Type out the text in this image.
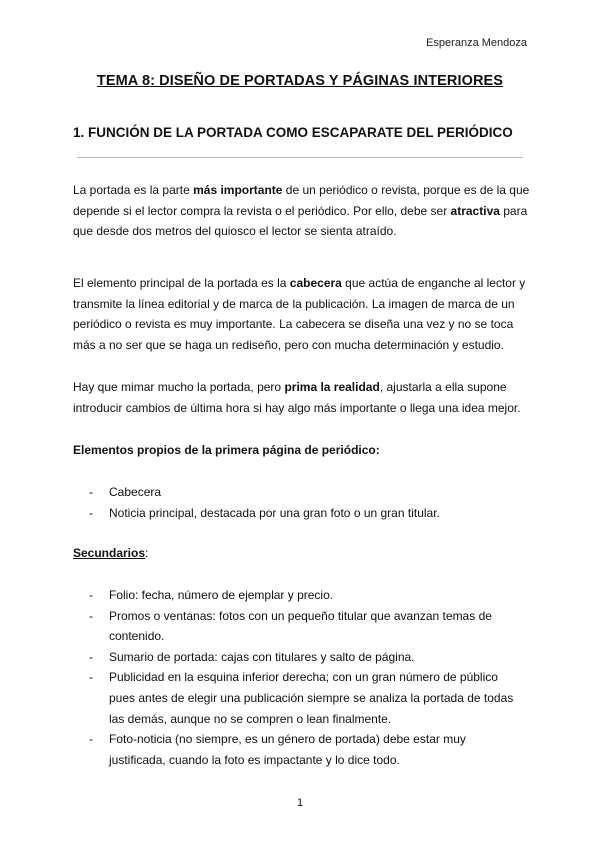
Esperanza Mendoza
TEMA 8: DISEÑO DE PORTADAS Y PÁGINAS INTERIORES
1. FUNCIÓN DE LA PORTADA COMO ESCAPARATE DEL PERIÓDICO

La portada es la parte más importante de un periódico o revista, porque es de la que depende si el lector compra la revista o el periódico. Por ello, debe ser atractiva para que desde dos metros del quiosco el lector se sienta atraído.

El elemento principal de la portada es la cabecera que actúa de enganche al lector y transmite la línea editorial y de marca de la publicación. La imagen de marca de un periódico o revista es muy importante. La cabecera se diseña una vez y no se toca más a no ser que se haga un rediseño, pero con mucha determinación y estudio.

Hay que mimar mucho la portada, pero prima la realidad, ajustarla a ella supone introducir cambios de última hora si hay algo más importante o llega una idea mejor.

Elementos propios de la primera página de periódico:
- Cabecera
- Noticia principal, destacada por una gran foto o un gran titular.
Secundarios:
- Folio: fecha, número de ejemplar y precio.
- Promos o ventanas: fotos con un pequeño titular que avanzan temas de contenido.
- Sumario de portada: cajas con titulares y salto de página.
- Publicidad en la esquina inferior derecha; con un gran número de público pues antes de elegir una publicación siempre se analiza la portada de todas las demás, aunque no se compren o lean finalmente.
- Foto-noticia (no siempre, es un género de portada) debe estar muy justificada, cuando la foto es impactante y lo dice todo.
1
